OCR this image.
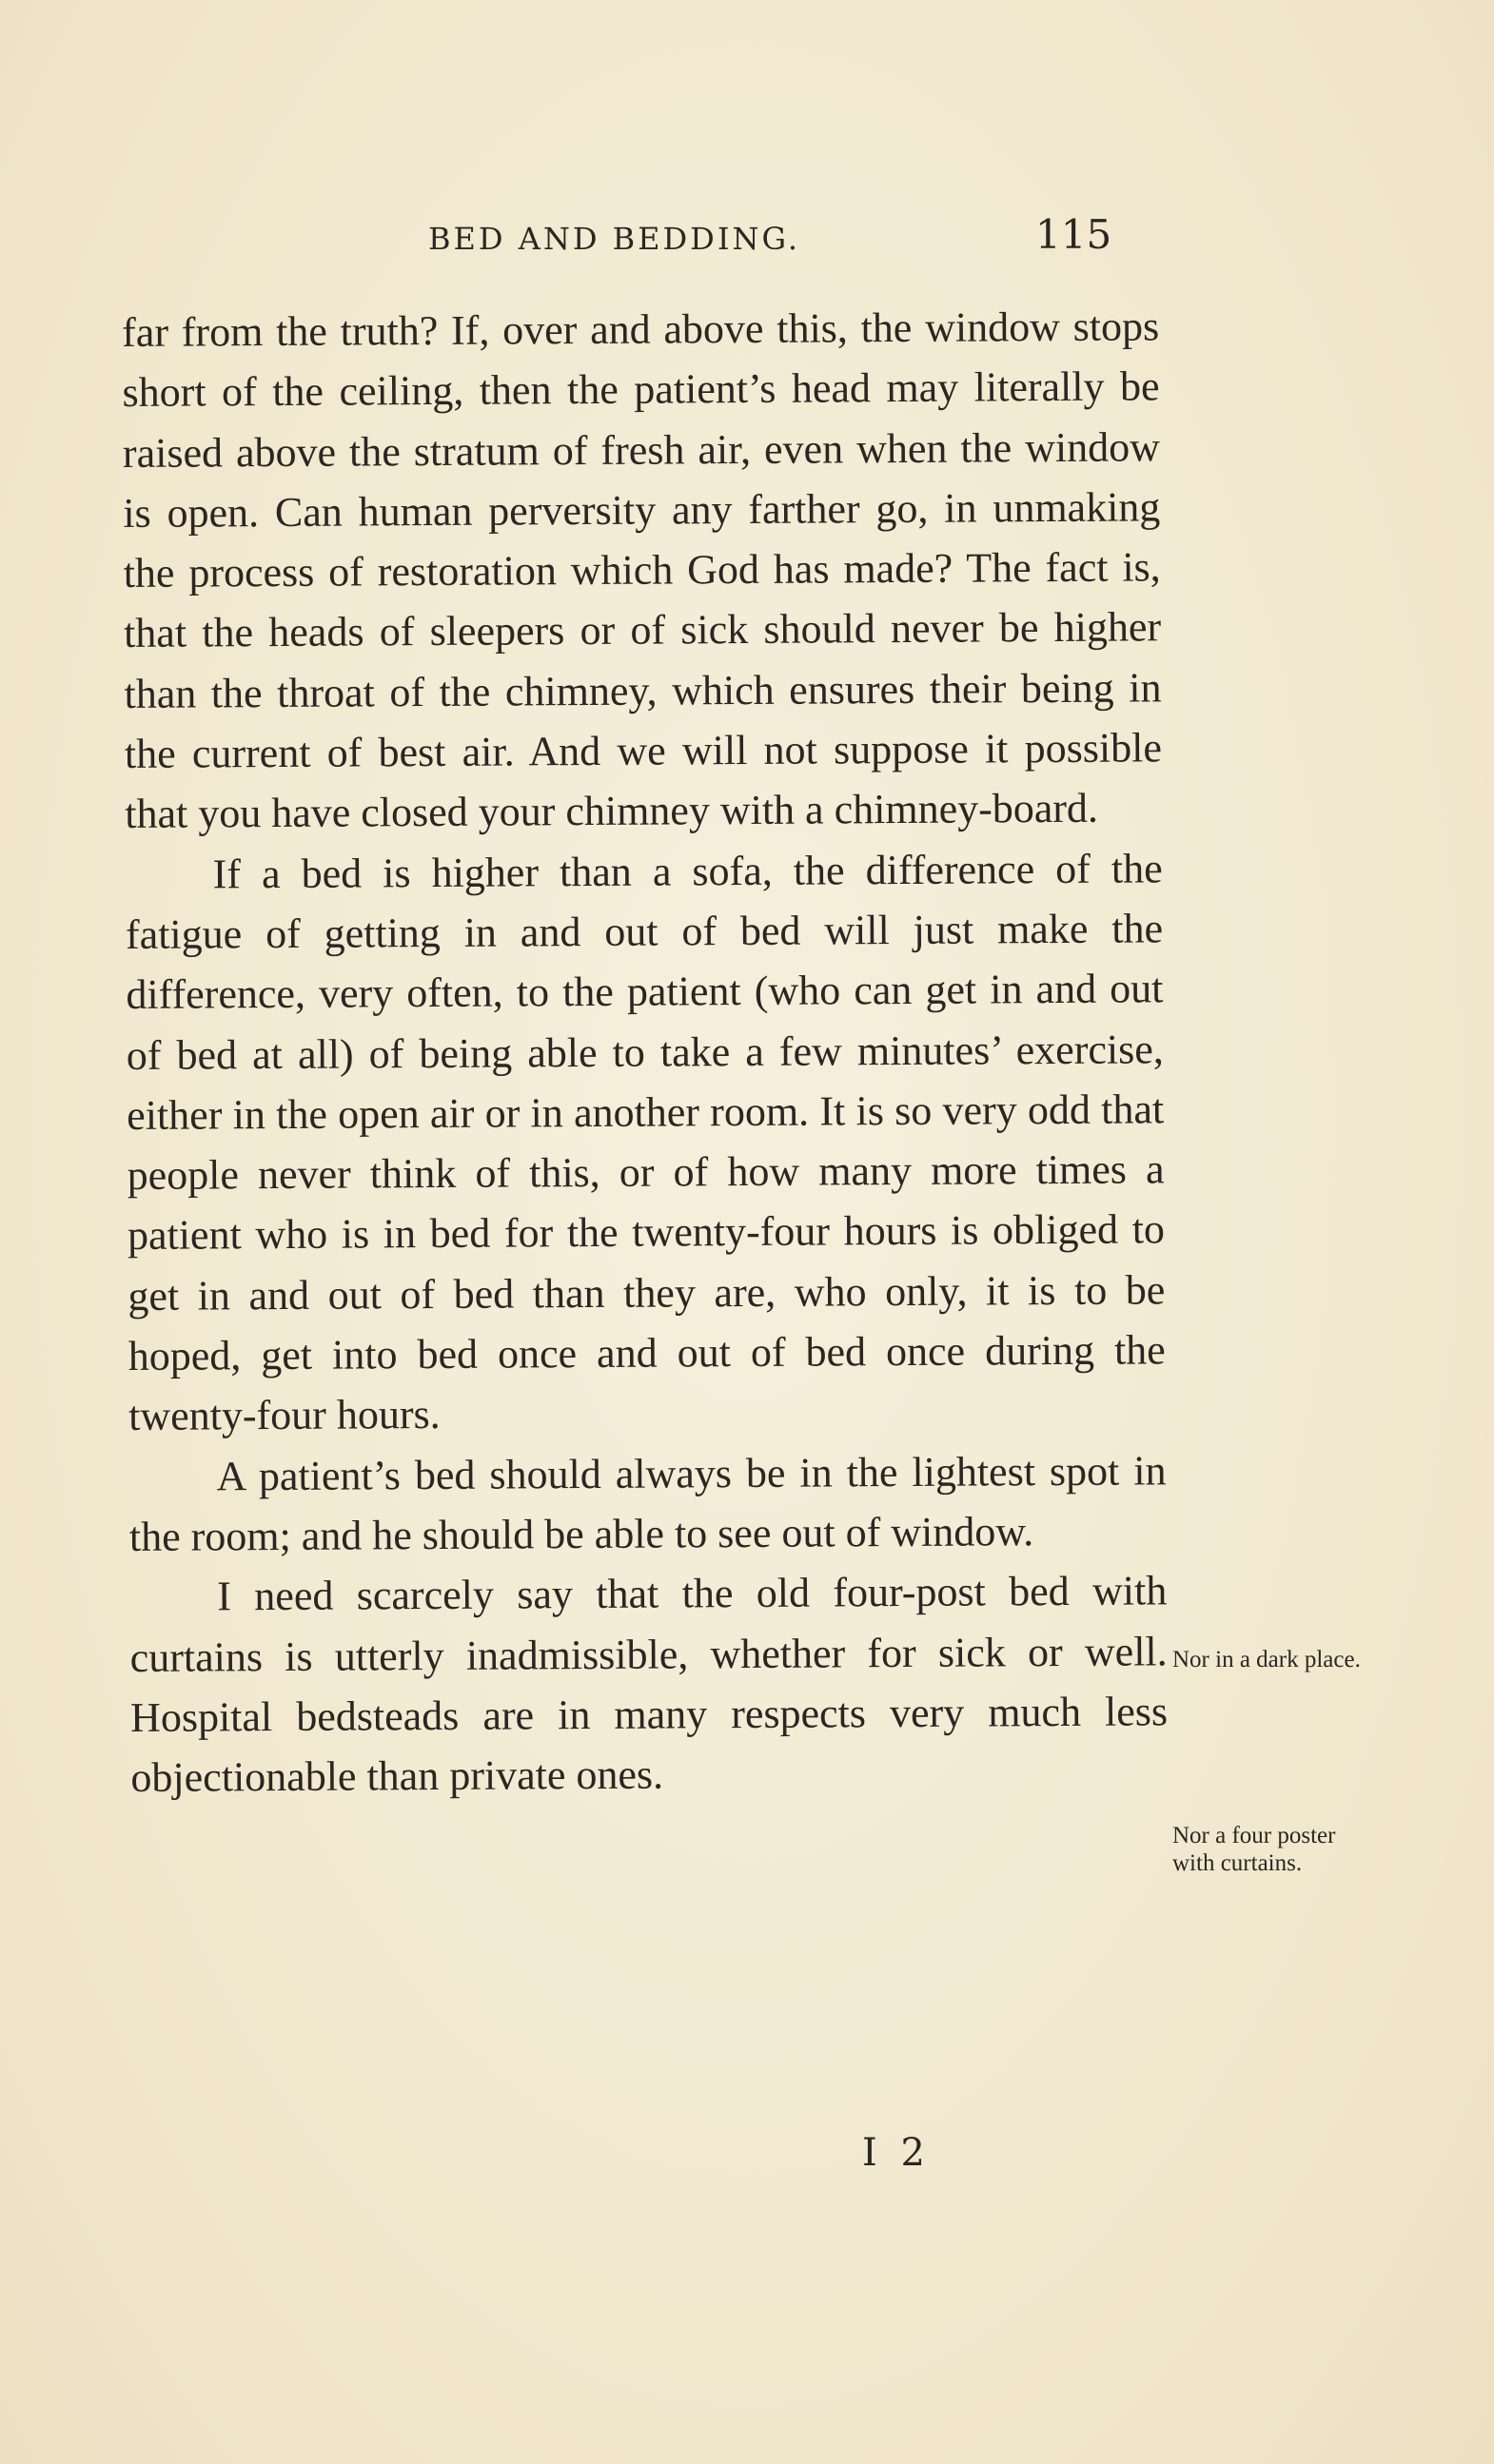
BED AND BEDDING.	115

far from the truth? If, over and above this, the window stops short of the ceiling, then the patient’s head may literally be raised above the stratum of fresh air, even when the window is open. Can human perversity any farther go, in unmaking the process of restoration which God has made? The fact is, that the heads of sleepers or of sick should never be higher than the throat of the chimney, which ensures their being in the current of best air. And we will not suppose it possible that you have closed your chimney with a chimney-board.

If a bed is higher than a sofa, the difference of the fatigue of getting in and out of bed will just make the difference, very often, to the patient (who can get in and out of bed at all) of being able to take a few minutes’ exercise, either in the open air or in another room. It is so very odd that people never think of this, or of how many more times a patient who is in bed for the twenty-four hours is obliged to get in and out of bed than they are, who only, it is to be hoped, get into bed once and out of bed once during the twenty-four hours.

A patient’s bed should always be in the lightest spot in the room; and he should be able to see out of window.

I need scarcely say that the old four-post bed with curtains is utterly inadmissible, whether for sick or well. Hospital bedsteads are in many respects very much less objectionable than private ones.

Nor in a dark place.
Nor a four poster with curtains.
I 2
